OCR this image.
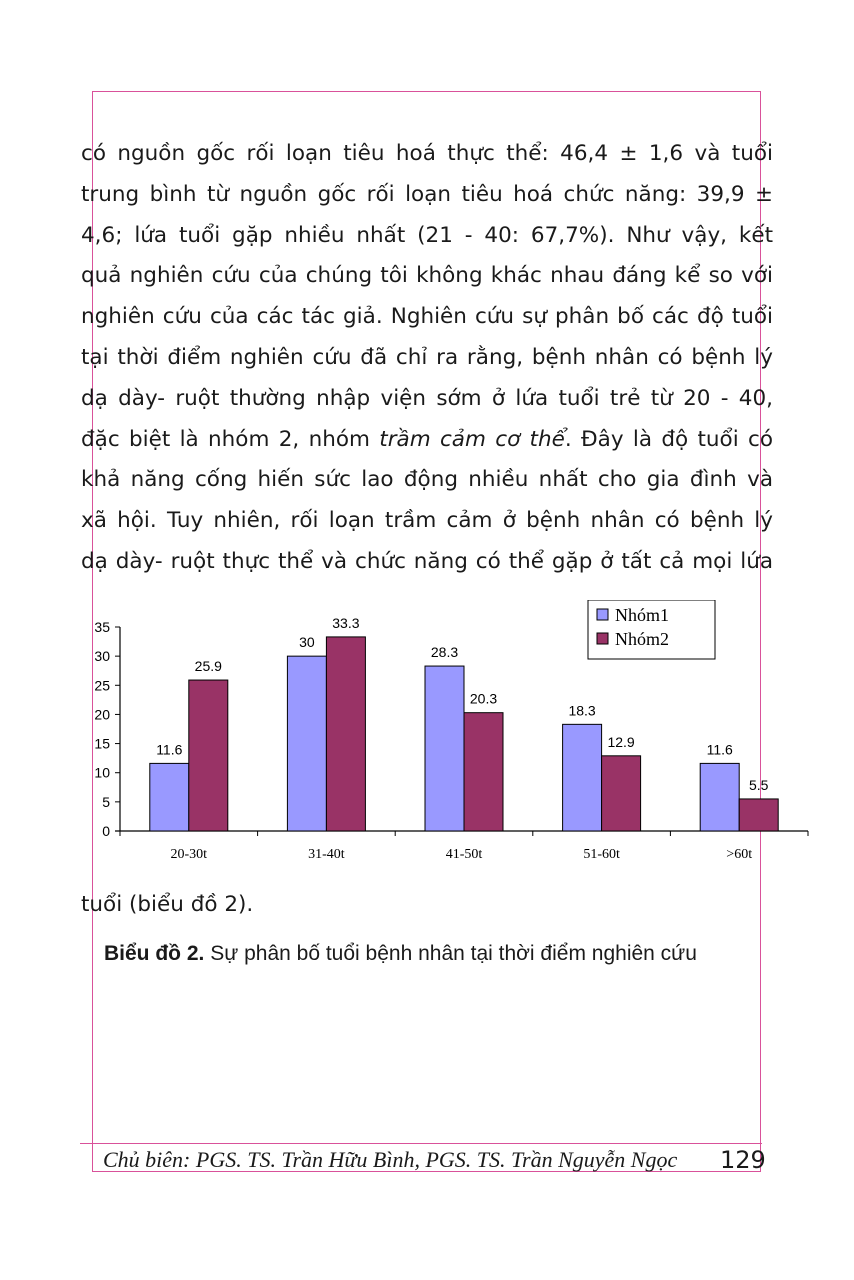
có nguồn gốc rối loạn tiêu hoá thực thể: 46,4 ± 1,6 và tuổi
trung bình từ nguồn gốc rối loạn tiêu hoá chức năng: 39,9 ±
4,6; lứa tuổi gặp nhiều nhất (21 - 40: 67,7%). Như vậy, kết
quả nghiên cứu của chúng tôi không khác nhau đáng kể so với
nghiên cứu của các tác giả. Nghiên cứu sự phân bố các độ tuổi
tại thời điểm nghiên cứu đã chỉ ra rằng, bệnh nhân có bệnh lý
dạ dày- ruột thường nhập viện sớm ở lứa tuổi trẻ từ 20 - 40,
đặc biệt là nhóm 2, nhóm trầm cảm cơ thể. Đây là độ tuổi có
khả năng cống hiến sức lao động nhiều nhất cho gia đình và
xã hội. Tuy nhiên, rối loạn trầm cảm ở bệnh nhân có bệnh lý
dạ dày- ruột thực thể và chức năng có thể gặp ở tất cả mọi lứa
0
5
10
15
20
25
30
35
11.6
25.9
20-30t
30
33.3
31-40t
28.3
20.3
41-50t
18.3
12.9
51-60t
11.6
5.5
>60t
Nhóm1
Nhóm2
tuổi (biểu đồ 2).
Biểu đồ 2. Sự phân bố tuổi bệnh nhân tại thời điểm nghiên cứu
Chủ biên: PGS. TS. Trần Hữu Bình, PGS. TS. Trần Nguyễn Ngọc 129
